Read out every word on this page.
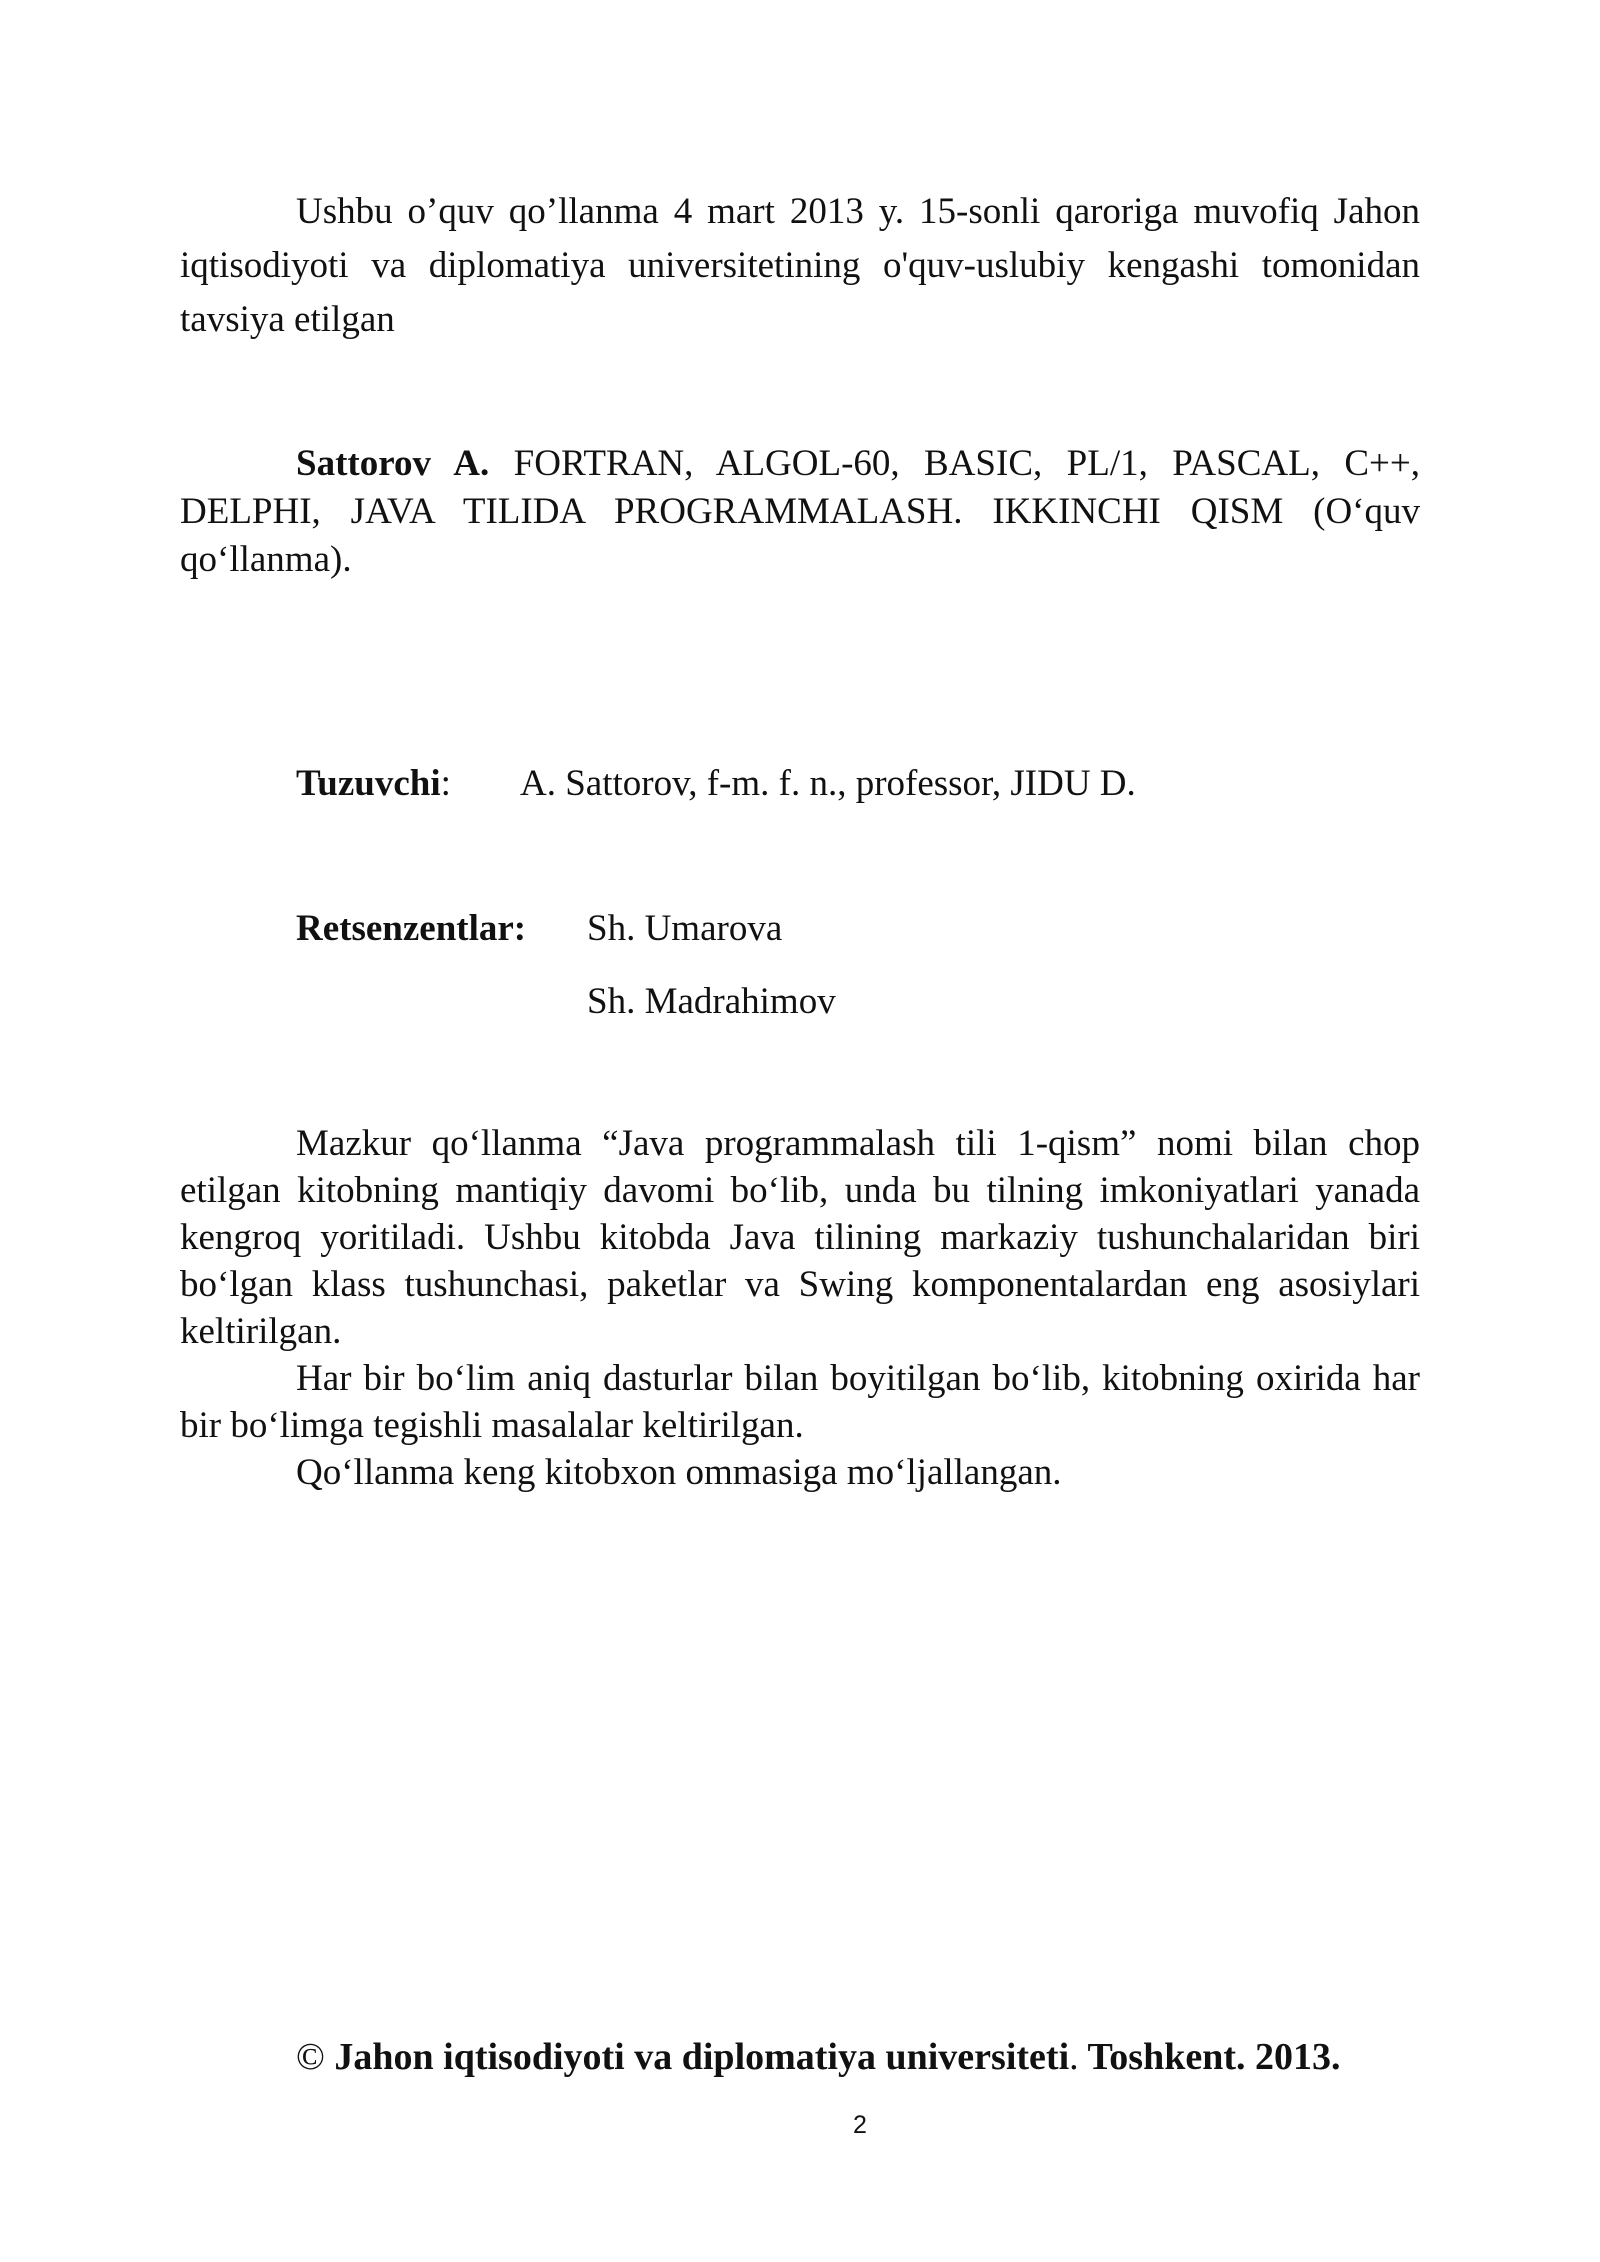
Ushbu o’quv qo’llanma 4 mart 2013 y. 15-sonli qaroriga muvofiq Jahon iqtisodiyoti va diplomatiya universitetining o'quv-uslubiy kengashi tomonidan tavsiya etilgan
Sattorov A. FORTRAN, ALGOL-60, BASIC, PL/1, PASCAL, C++, DELPHI, JAVA TILIDA PROGRAMMALASH. IKKINCHI QISM (O‘quv qo‘llanma).
Tuzuvchi: A. Sattorov, f-m. f. n., professor, JIDU D.
Retsenzentlar: Sh. Umarova
Sh. Madrahimov

Mazkur qo‘llanma “Java programmalash tili 1-qism” nomi bilan chop etilgan kitobning mantiqiy davomi bo‘lib, unda bu tilning imkoniyatlari yanada kengroq yoritiladi. Ushbu kitobda Java tilining markaziy tushunchalaridan biri bo‘lgan klass tushunchasi, paketlar va Swing komponentalardan eng asosiylari keltirilgan.

Har bir bo‘lim aniq dasturlar bilan boyitilgan bo‘lib, kitobning oxirida har bir bo‘limga tegishli masalalar keltirilgan.

Qo‘llanma keng kitobxon ommasiga mo‘ljallangan.

© Jahon iqtisodiyoti va diplomatiya universiteti. Toshkent. 2013.
2
